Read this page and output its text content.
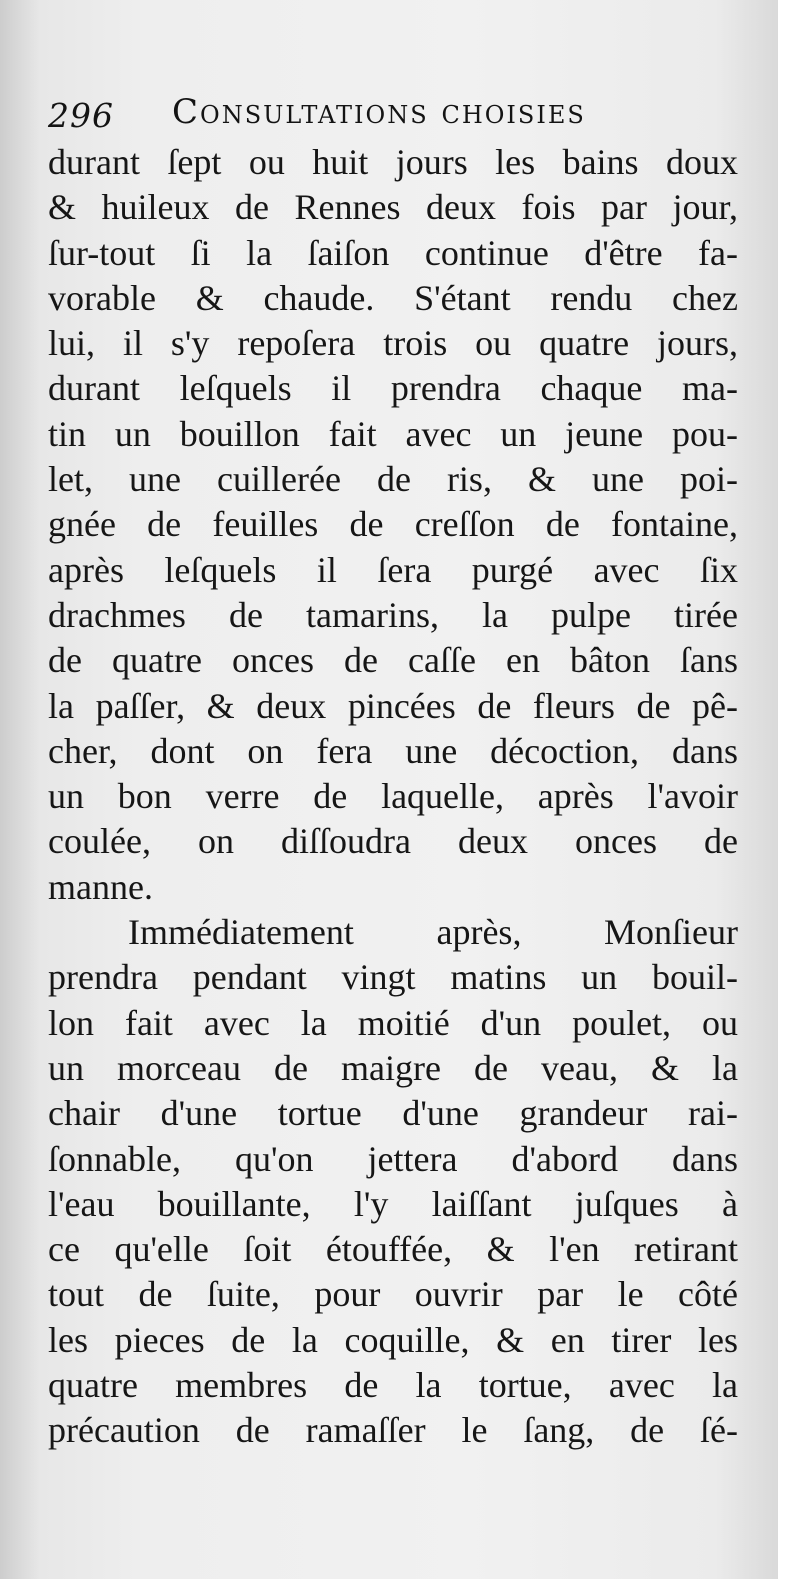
296 Consultations choisies
durant ſept ou huit jours les bains doux
& huileux de Rennes deux fois par jour,
ſur-tout ſi la ſaiſon continue d'être fa-
vorable & chaude. S'étant rendu chez
lui, il s'y repoſera trois ou quatre jours,
durant leſquels il prendra chaque ma-
tin un bouillon fait avec un jeune pou-
let, une cuillerée de ris, & une poi-
gnée de feuilles de creſſon de fontaine,
après leſquels il ſera purgé avec ſix
drachmes de tamarins, la pulpe tirée
de quatre onces de caſſe en bâton ſans
la paſſer, & deux pincées de fleurs de pê-
cher, dont on fera une décoction, dans
un bon verre de laquelle, après l'avoir
coulée, on diſſoudra deux onces de
manne.
Immédiatement après, Monſieur
prendra pendant vingt matins un bouil-
lon fait avec la moitié d'un poulet, ou
un morceau de maigre de veau, & la
chair d'une tortue d'une grandeur rai-
ſonnable, qu'on jettera d'abord dans
l'eau bouillante, l'y laiſſant juſques à
ce qu'elle ſoit étouffée, & l'en retirant
tout de ſuite, pour ouvrir par le côté
les pieces de la coquille, & en tirer les
quatre membres de la tortue, avec la
précaution de ramaſſer le ſang, de ſé-
